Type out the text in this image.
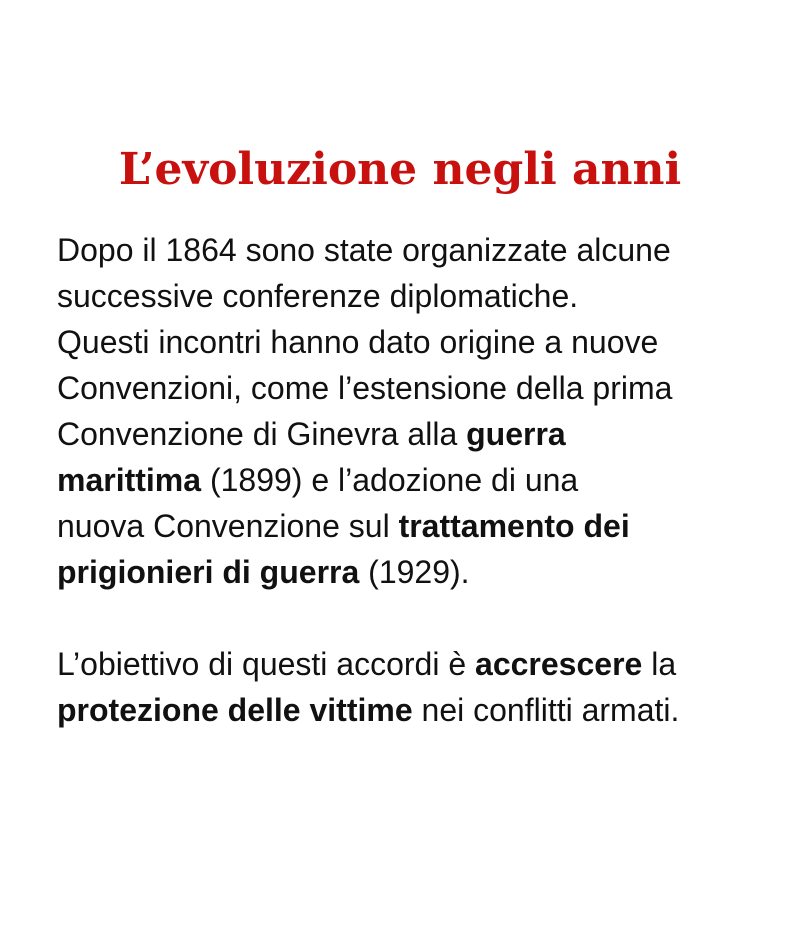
L’evoluzione negli anni

Dopo il 1864 sono state organizzate alcune
successive conferenze diplomatiche.
Questi incontri hanno dato origine a nuove
Convenzioni, come l’estensione della prima
Convenzione di Ginevra alla guerra
marittima (1899) e l’adozione di una
nuova Convenzione sul trattamento dei
prigionieri di guerra (1929).

L’obiettivo di questi accordi è accrescere la
protezione delle vittime nei conflitti armati.
